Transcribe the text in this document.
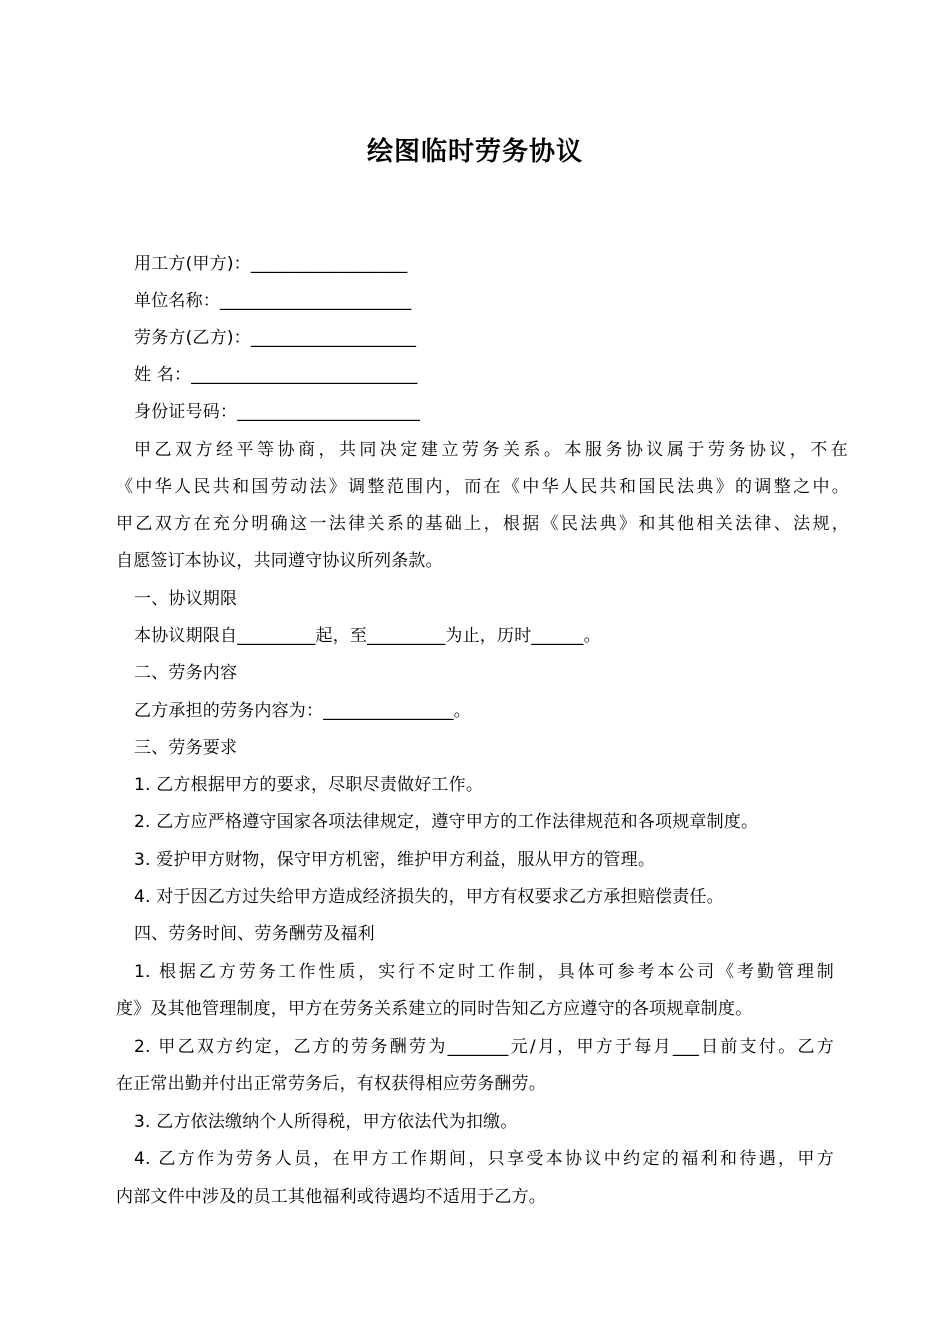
绘图临时劳务协议
用工方(甲方)：__________________
单位名称：______________________
劳务方(乙方)：___________________
姓 名：__________________________
身份证号码：_____________________
甲乙双方经平等协商，共同决定建立劳务关系。本服务协议属于劳务协议，不在
《中华人民共和国劳动法》调整范围内，而在《中华人民共和国民法典》的调整之中。
甲乙双方在充分明确这一法律关系的基础上，根据《民法典》和其他相关法律、法规，
自愿签订本协议，共同遵守协议所列条款。
一、协议期限
本协议期限自_________起，至_________为止，历时______。
二、劳务内容
乙方承担的劳务内容为：_______________。
三、劳务要求
1. 乙方根据甲方的要求，尽职尽责做好工作。
2. 乙方应严格遵守国家各项法律规定，遵守甲方的工作法律规范和各项规章制度。
3. 爱护甲方财物，保守甲方机密，维护甲方利益，服从甲方的管理。
4. 对于因乙方过失给甲方造成经济损失的，甲方有权要求乙方承担赔偿责任。
四、劳务时间、劳务酬劳及福利
1. 根据乙方劳务工作性质，实行不定时工作制，具体可参考本公司《考勤管理制
度》及其他管理制度，甲方在劳务关系建立的同时告知乙方应遵守的各项规章制度。
2. 甲乙双方约定，乙方的劳务酬劳为_______元/月，甲方于每月___日前支付。乙方
在正常出勤并付出正常劳务后，有权获得相应劳务酬劳。
3. 乙方依法缴纳个人所得税，甲方依法代为扣缴。
4. 乙方作为劳务人员，在甲方工作期间，只享受本协议中约定的福利和待遇，甲方
内部文件中涉及的员工其他福利或待遇均不适用于乙方。
